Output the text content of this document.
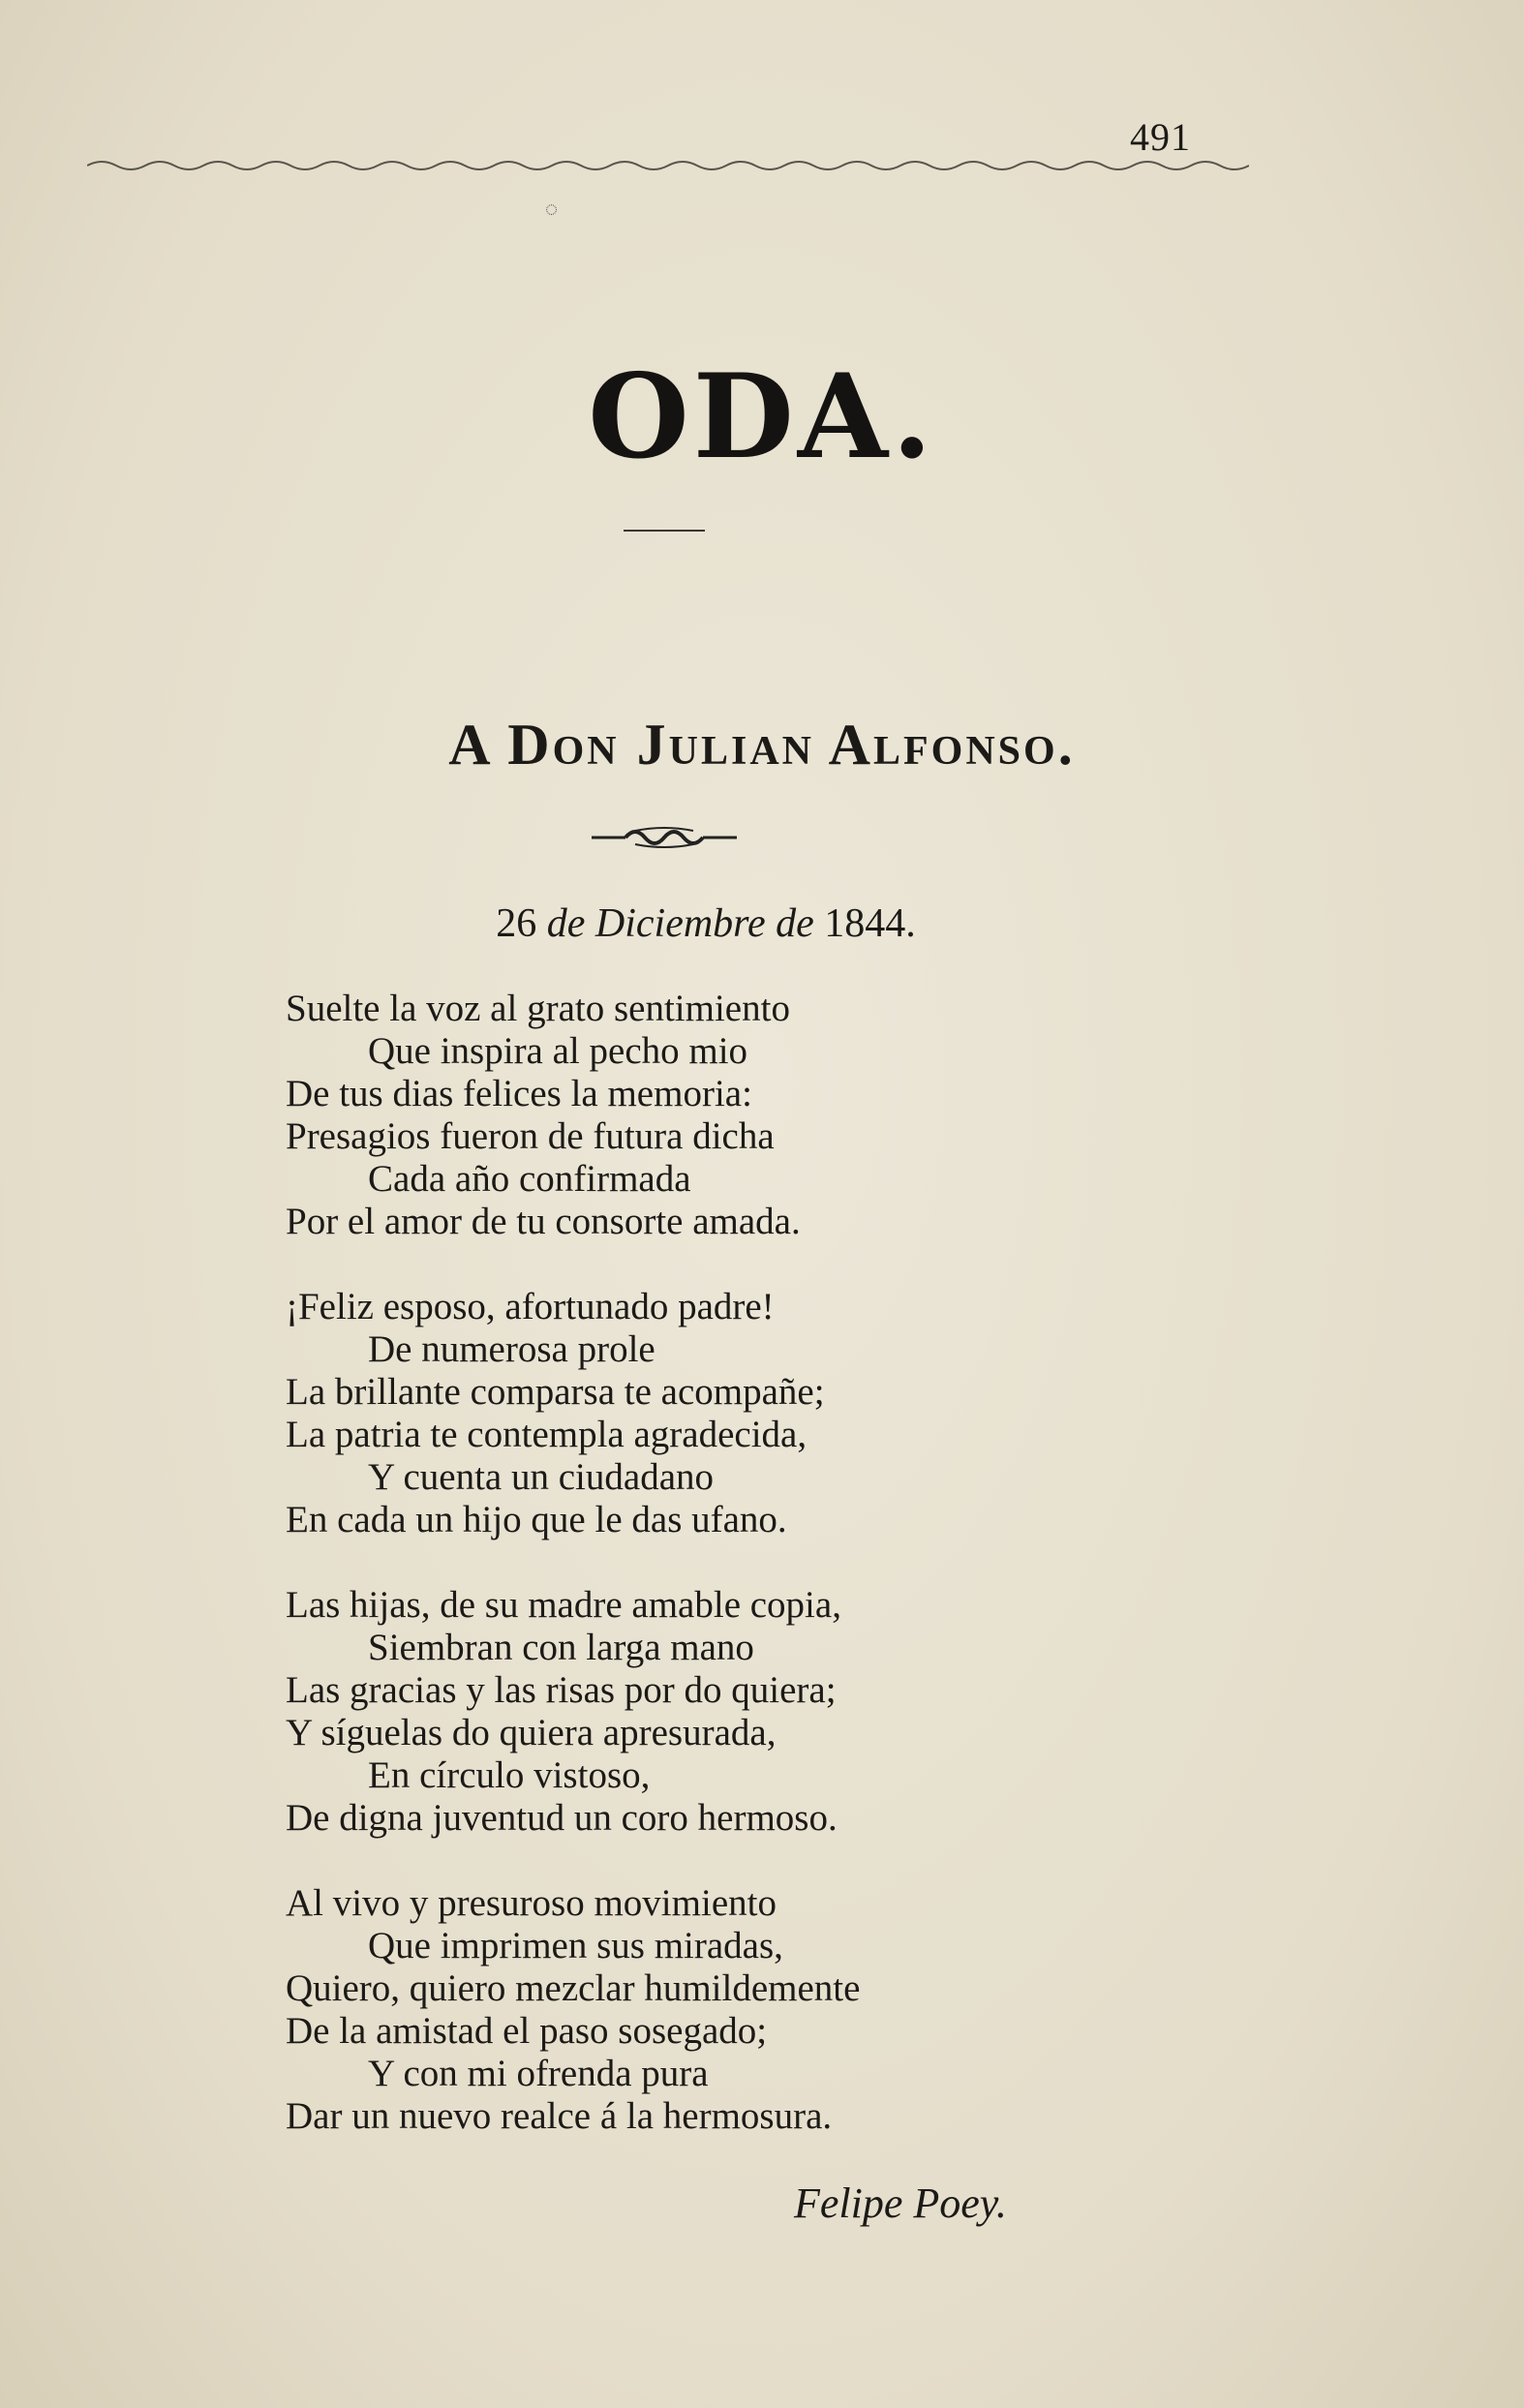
491
◌
ODA.
A Don Julian Alfonso.
26 de Diciembre de 1844.
Suelte la voz al grato sentimiento
Que inspira al pecho mio
De tus dias felices la memoria:
Presagios fueron de futura dicha
Cada año confirmada
Por el amor de tu consorte amada.
¡Feliz esposo, afortunado padre!
De numerosa prole
La brillante comparsa te acompañe;
La patria te contempla agradecida,
Y cuenta un ciudadano
En cada un hijo que le das ufano.
Las hijas, de su madre amable copia,
Siembran con larga mano
Las gracias y las risas por do quiera;
Y síguelas do quiera apresurada,
En círculo vistoso,
De digna juventud un coro hermoso.
Al vivo y presuroso movimiento
Que imprimen sus miradas,
Quiero, quiero mezclar humildemente
De la amistad el paso sosegado;
Y con mi ofrenda pura
Dar un nuevo realce á la hermosura.
Felipe Poey.
